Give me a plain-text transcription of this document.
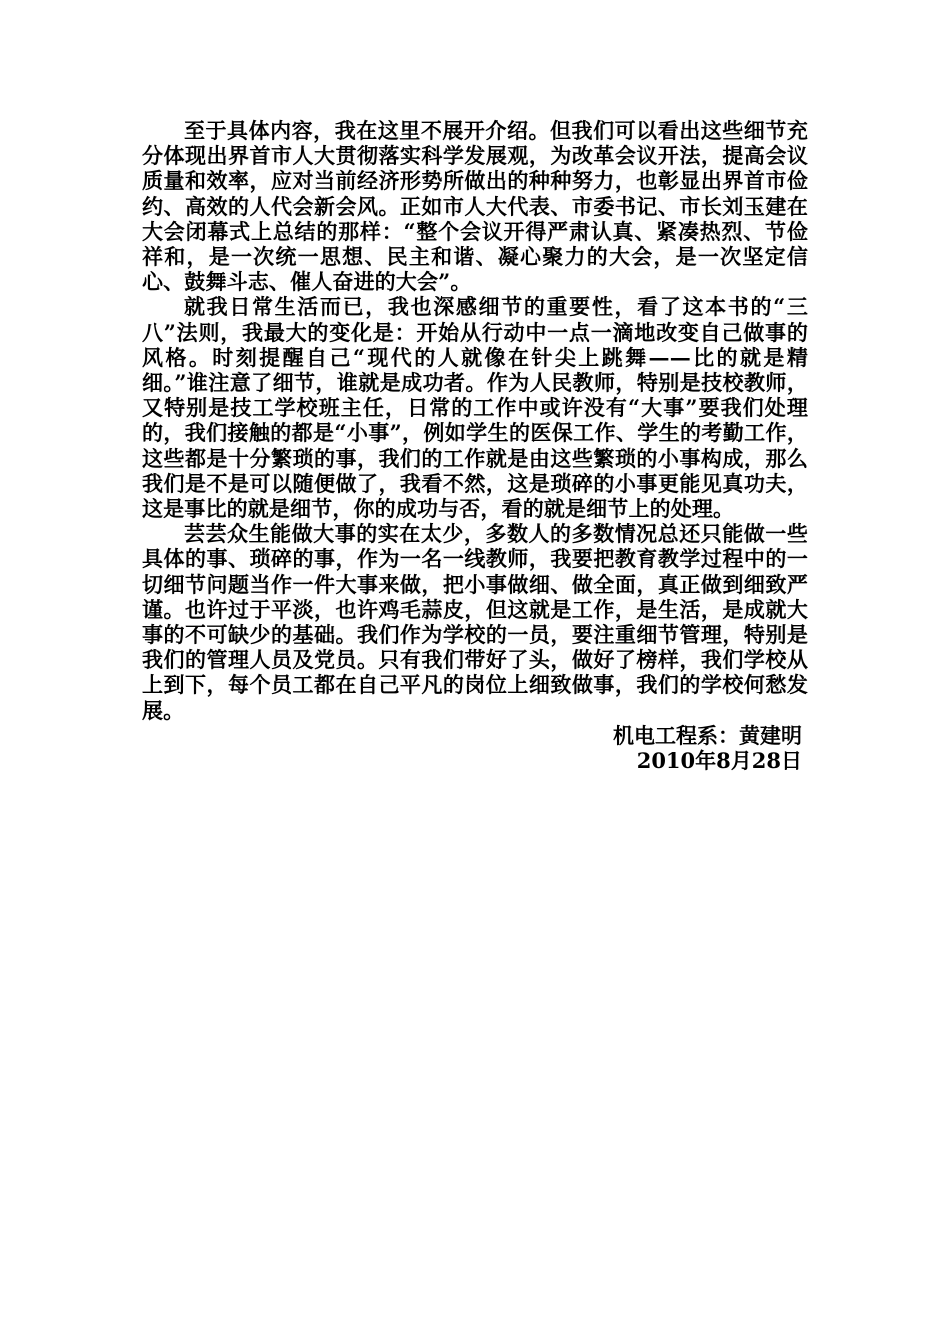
至于具体内容，我在这里不展开介绍。但我们可以看出这些细节充分体现出界首市人大贯彻落实科学发展观，为改革会议开法，提高会议质量和效率，应对当前经济形势所做出的种种努力，也彰显出界首市俭约、高效的人代会新会风。正如市人大代表、市委书记、市长刘玉建在大会闭幕式上总结的那样：“整个会议开得严肃认真、紧凑热烈、节俭祥和，是一次统一思想、民主和谐、凝心聚力的大会，是一次坚定信心、鼓舞斗志、催人奋进的大会”。

就我日常生活而已，我也深感细节的重要性，看了这本书的“三八”法则，我最大的变化是：开始从行动中一点一滴地改变自己做事的风格。时刻提醒自己“现代的人就像在针尖上跳舞——比的就是精细。”谁注意了细节，谁就是成功者。作为人民教师，特别是技校教师，又特别是技工学校班主任，日常的工作中或许没有“大事”要我们处理的，我们接触的都是“小事”，例如学生的医保工作、学生的考勤工作，这些都是十分繁琐的事，我们的工作就是由这些繁琐的小事构成，那么我们是不是可以随便做了，我看不然，这是琐碎的小事更能见真功夫，这是事比的就是细节，你的成功与否，看的就是细节上的处理。

芸芸众生能做大事的实在太少，多数人的多数情况总还只能做一些具体的事、琐碎的事，作为一名一线教师，我要把教育教学过程中的一切细节问题当作一件大事来做，把小事做细、做全面，真正做到细致严谨。也许过于平淡，也许鸡毛蒜皮，但这就是工作，是生活，是成就大事的不可缺少的基础。我们作为学校的一员，要注重细节管理，特别是我们的管理人员及党员。只有我们带好了头，做好了榜样，我们学校从上到下，每个员工都在自己平凡的岗位上细致做事，我们的学校何愁发展。

机电工程系：黄建明

2010年8月28日
